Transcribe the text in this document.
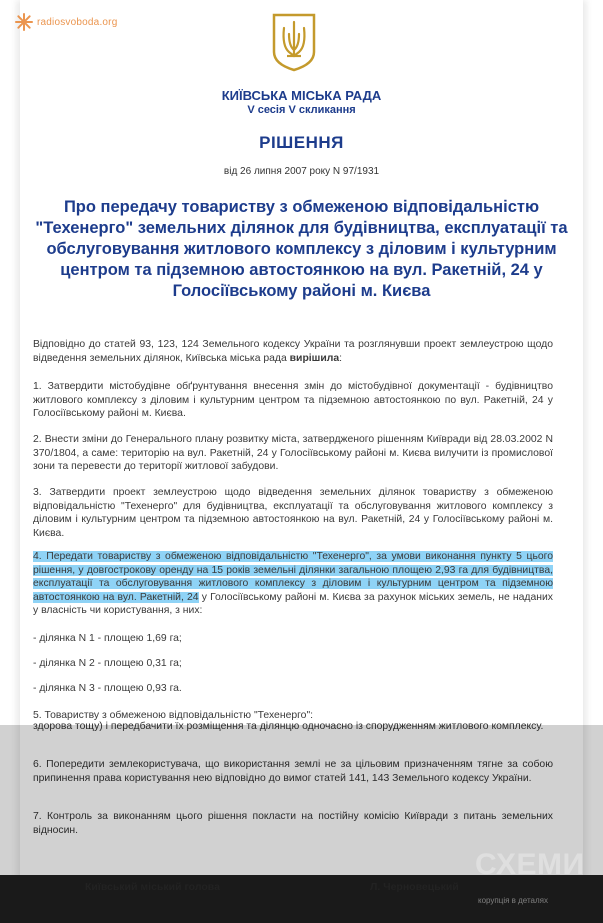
radiosvoboda.org
КИЇВСЬКА МІСЬКА РАДА
V сесія V скликання
РІШЕННЯ
від 26 липня 2007 року N 97/1931
Про передачу товариству з обмеженою відповідальністю "Техенерго" земельних ділянок для будівництва, експлуатації та обслуговування житлового комплексу з діловим і культурним центром та підземною автостоянкою на вул. Ракетній, 24 у Голосіївському районі м. Києва
Відповідно до статей 93, 123, 124 Земельного кодексу України та розглянувши проект землеустрою щодо відведення земельних ділянок, Київська міська рада вирішила:
1. Затвердити містобудівне обґрунтування внесення змін до містобудівної документації - будівництво житлового комплексу з діловим і культурним центром та підземною автостоянкою по вул. Ракетній, 24 у Голосіївському районі м. Києва.
2. Внести зміни до Генерального плану розвитку міста, затвердженого рішенням Київради від 28.03.2002 N 370/1804, а саме: територію на вул. Ракетній, 24 у Голосіївському районі м. Києва вилучити із промислової зони та перевести до території житлової забудови.
3. Затвердити проект землеустрою щодо відведення земельних ділянок товариству з обмеженою відповідальністю "Техенерго" для будівництва, експлуатації та обслуговування житлового комплексу з діловим і культурним центром та підземною автостоянкою на вул. Ракетній, 24 у Голосіївському районі м. Києва.
4. Передати товариству з обмеженою відповідальністю "Техенерго", за умови виконання пункту 5 цього рішення, у довгострокову оренду на 15 років земельні ділянки загальною площею 2,93 га для будівництва, експлуатації та обслуговування житлового комплексу з діловим і культурним центром та підземною автостоянкою на вул. Ракетній, 24 у Голосіївському районі м. Києва за рахунок міських земель, не наданих у власність чи користування, з них:
- ділянка N 1 - площею 1,69 га;
- ділянка N 2 - площею 0,31 га;
- ділянка N 3 - площею 0,93 га.
5. Товариству з обмеженою відповідальністю "Техенерго":
здорова тощу) і передбачити їх розміщення та ділянцю одночасно із спорудженням житлового комплексу.
6. Попередити землекористувача, що використання землі не за цільовим призначенням тягне за собою припинення права користування нею відповідно до вимог статей 141, 143 Земельного кодексу України.
7. Контроль за виконанням цього рішення покласти на постійну комісію Київради з питань земельних відносин.
Київський міський голова	Л. Черновецький
СХЕМИ
корупція в деталях
